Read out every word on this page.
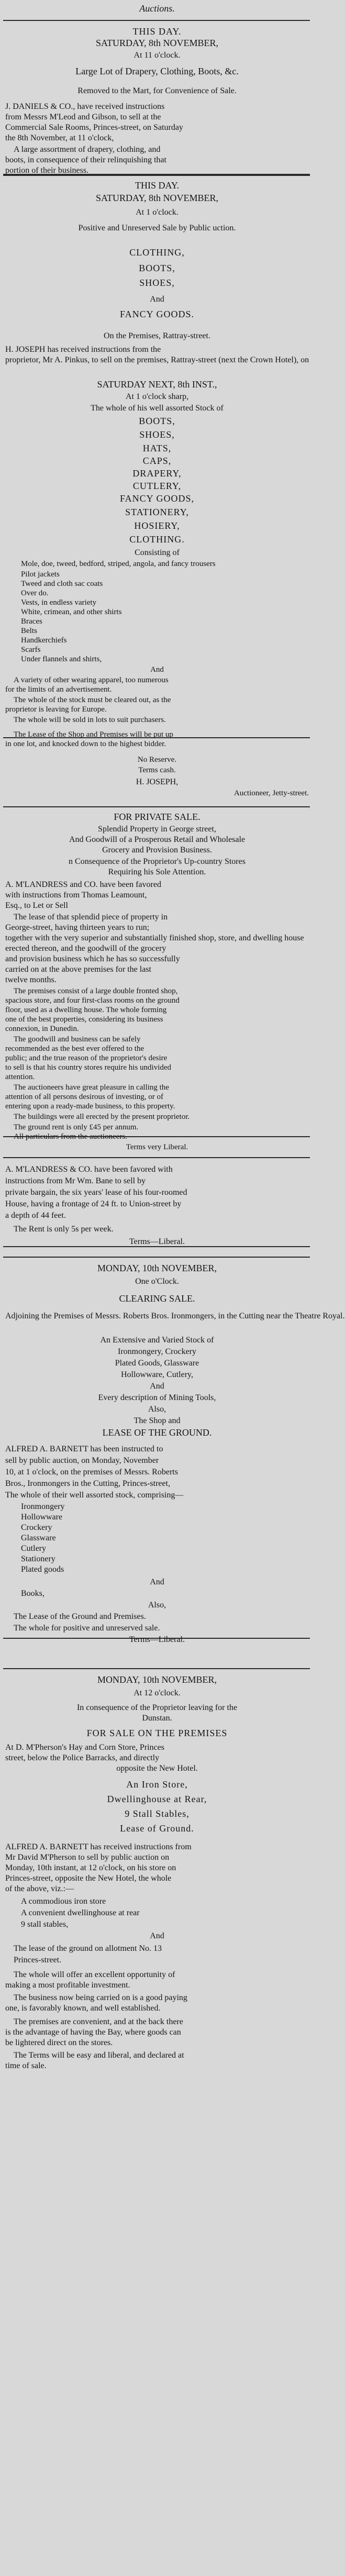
Auctions.
THIS DAY.
SATURDAY, 8th NOVEMBER,
At 11 o'clock.
Large Lot of Drapery, Clothing, Boots, &c.
Removed to the Mart, for Convenience of Sale.
J. DANIELS & CO., have received instructions
from Messrs M'Leod and Gibson, to sell at the
Commercial Sale Rooms, Princes-street, on Saturday
the 8th November, at 11 o'clock,
A large assortment of drapery, clothing, and
boots, in consequence of their relinquishing that
portion of their business.
THIS DAY.
SATURDAY, 8th NOVEMBER,
At 1 o'clock.
Positive and Unreserved Sale by Public uction.
CLOTHING,
BOOTS,
SHOES,
And
FANCY GOODS.
On the Premises, Rattray-street.
H. JOSEPH has received instructions from the
proprietor, Mr A. Pinkus, to sell on the premises, Rattray-street (next the Crown Hotel), on
SATURDAY NEXT, 8th INST.,
At 1 o'clock sharp,
The whole of his well assorted Stock of
BOOTS,
SHOES,
HATS,
CAPS,
DRAPERY,
CUTLERY,
FANCY GOODS,
STATIONERY,
HOSIERY,
CLOTHING.
Consisting of
Mole, doe, tweed, bedford, striped, angola, and fancy trousers
Pilot jackets
Tweed and cloth sac coats
Over do.
Vests, in endless variety
White, crimean, and other shirts
Braces
Belts
Handkerchiefs
Scarfs
Under flannels and shirts,
And
A variety of other wearing apparel, too numerous
for the limits of an advertisement.
The whole of the stock must be cleared out, as the
proprietor is leaving for Europe.
The whole will be sold in lots to suit purchasers.
The Lease of the Shop and Premises will be put up
in one lot, and knocked down to the highest bidder.
No Reserve.
Terms cash.
H. JOSEPH,
Auctioneer, Jetty-street.
FOR PRIVATE SALE.
Splendid Property in George street,
And Goodwill of a Prosperous Retail and Wholesale
Grocery and Provision Business.
n Consequence of the Proprietor's Up-country Stores
Requiring his Sole Attention.
A. M'LANDRESS and CO. have been favored
with instructions from Thomas Leamount,
Esq., to Let or Sell
The lease of that splendid piece of property in
George-street, having thirteen years to run;
together with the very superior and substantially finished shop, store, and dwelling house
erected thereon, and the goodwill of the grocery
and provision business which he has so successfully
carried on at the above premises for the last
twelve months.
The premises consist of a large double fronted shop,
spacious store, and four first-class rooms on the ground
floor, used as a dwelling house. The whole forming
one of the best properties, considering its business
connexion, in Dunedin.
The goodwill and business can be safely
recommended as the best ever offered to the
public; and the true reason of the proprietor's desire
to sell is that his country stores require his undivided
attention.
The auctioneers have great pleasure in calling the
attention of all persons desirous of investing, or of
entering upon a ready-made business, to this property.
The buildings were all erected by the present proprietor.
The ground rent is only £45 per annum.
All particulars from the auctioneers.
Terms very Liberal.
A. M'LANDRESS & CO. have been favored with
instructions from Mr Wm. Bane to sell by
private bargain, the six years' lease of his four-roomed
House, having a frontage of 24 ft. to Union-street by
a depth of 44 feet.
The Rent is only 5s per week.
Terms—Liberal.
MONDAY, 10th NOVEMBER,
One o'Clock.
CLEARING SALE.
Adjoining the Premises of Messrs. Roberts Bros. Ironmongers, in the Cutting near the Theatre Royal.
An Extensive and Varied Stock of
Ironmongery, Crockery
Plated Goods, Glassware
Hollowware, Cutlery,
And
Every description of Mining Tools,
Also,
The Shop and
LEASE OF THE GROUND.
ALFRED A. BARNETT has been instructed to
sell by public auction, on Monday, November
10, at 1 o'clock, on the premises of Messrs. Roberts
Bros., Ironmongers in the Cutting, Princes-street,
The whole of their well assorted stock, comprising—
Ironmongery
Hollowware
Crockery
Glassware
Cutlery
Stationery
Plated goods
And
Books,
Also,
The Lease of the Ground and Premises.
The whole for positive and unreserved sale.
Terms—Liberal.
MONDAY, 10th NOVEMBER,
At 12 o'clock.
In consequence of the Proprietor leaving for the
Dunstan.
FOR SALE ON THE PREMISES
At D. M'Pherson's Hay and Corn Store, Princes
street, below the Police Barracks, and directly
opposite the New Hotel.
An Iron Store,
Dwellinghouse at Rear,
9 Stall Stables,
Lease of Ground.
ALFRED A. BARNETT has received instructions from
Mr David M'Pherson to sell by public auction on
Monday, 10th instant, at 12 o'clock, on his store on
Princes-street, opposite the New Hotel, the whole
of the above, viz.:—
A commodious iron store
A convenient dwellinghouse at rear
9 stall stables,
And
The lease of the ground on allotment No. 13
Princes-street.
The whole will offer an excellent opportunity of
making a most profitable investment.
The business now being carried on is a good paying
one, is favorably known, and well established.
The premises are convenient, and at the back there
is the advantage of having the Bay, where goods can
be lightered direct on the stores.
The Terms will be easy and liberal, and declared at
time of sale.
